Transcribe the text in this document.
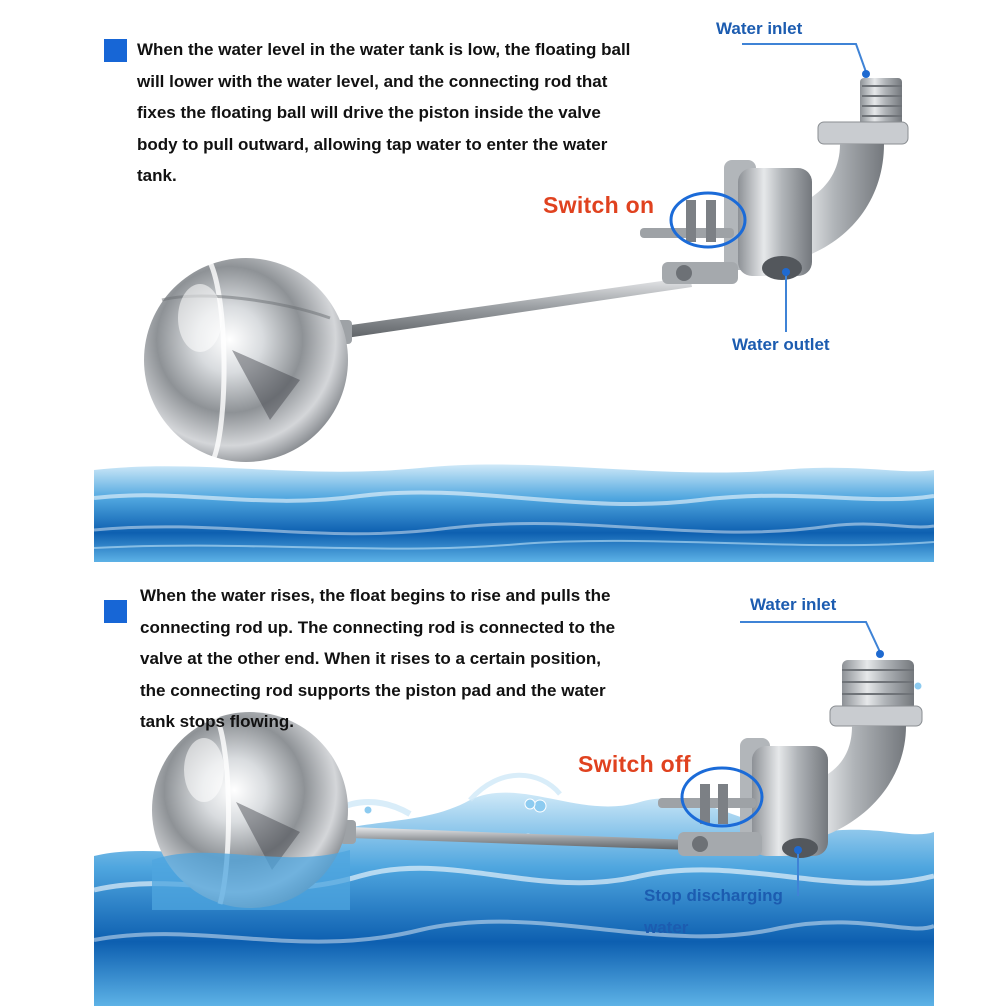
When the water level in the water tank is low, the floating ball
will lower with the water level, and the connecting rod that
fixes the floating ball will drive the piston inside the valve
body to pull outward, allowing tap water to enter the water
tank.

Water inlet
Water outlet
Switch on

When the water rises, the float begins to rise and pulls the
connecting rod up. The connecting rod is connected to the
valve at the other end. When it rises to a certain position,
the connecting rod supports the piston pad and the water
tank stops flowing.

Water inlet
Stop discharging
water
Switch off
